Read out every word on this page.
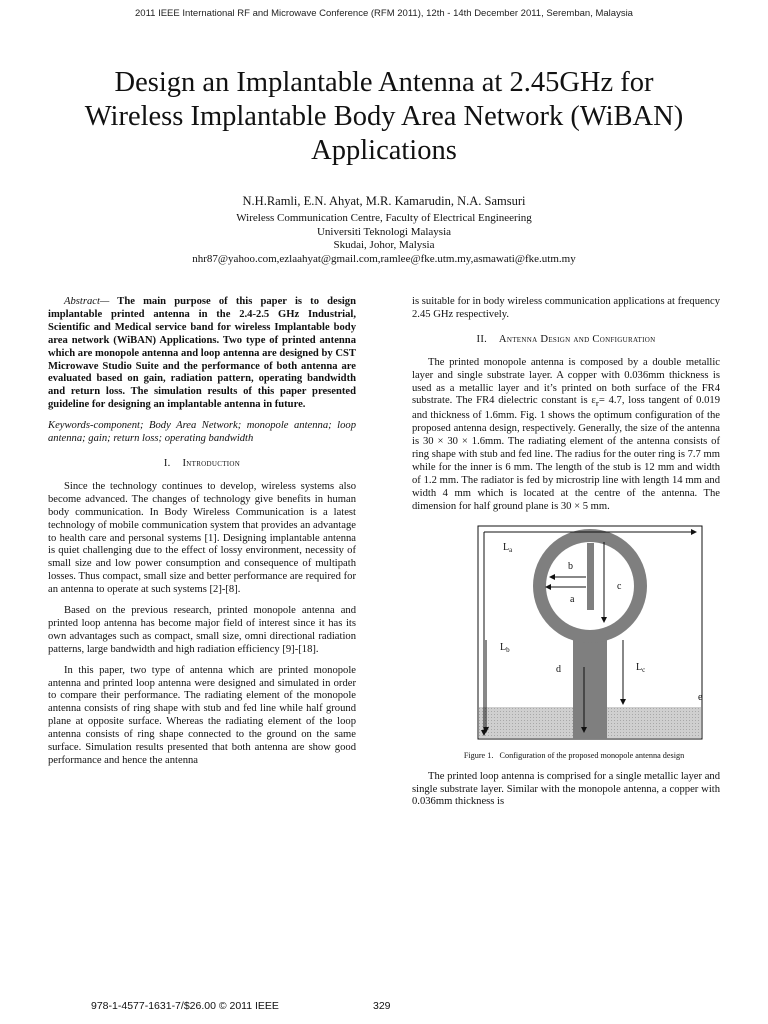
2011 IEEE International RF and Microwave Conference (RFM 2011), 12th - 14th December 2011, Seremban, Malaysia
Design an Implantable Antenna at 2.45GHz for
Wireless Implantable Body Area Network (WiBAN)
Applications
N.H.Ramli, E.N. Ahyat, M.R. Kamarudin, N.A. Samsuri
Wireless Communication Centre, Faculty of Electrical Engineering
Universiti Teknologi Malaysia
Skudai, Johor, Malysia
nhr87@yahoo.com,ezlaahyat@gmail.com,ramlee@fke.utm.my,asmawati@fke.utm.my

Abstract— The main purpose of this paper is to design implantable printed antenna in the 2.4-2.5 GHz Industrial, Scientific and Medical service band for wireless Implantable body area network (WiBAN) Applications. Two type of printed antenna which are monopole antenna and loop antenna are designed by CST Microwave Studio Suite and the performance of both antenna are evaluated based on gain, radiation pattern, operating bandwidth and return loss. The simulation results of this paper presented guideline for designing an implantable antenna in future.

Keywords-component; Body Area Network; monopole antenna; loop antenna; gain; return loss; operating bandwidth

I. Introduction

Since the technology continues to develop, wireless systems also become advanced. The changes of technology give benefits in human body communication. In Body Wireless Communication is a latest technology of mobile communication system that provides an advantage to health care and personal systems [1]. Designing implantable antenna is quiet challenging due to the effect of lossy environment, necessity of small size and low power consumption and consequence of multipath losses. Thus compact, small size and better performance are required for an antenna to operate at such systems [2]-[8].

Based on the previous research, printed monopole antenna and printed loop antenna has become major field of interest since it has its own advantages such as compact, small size, omni directional radiation patterns, large bandwidth and high radiation efficiency [9]-[18].

In this paper, two type of antenna which are printed monopole antenna and printed loop antenna were designed and simulated in order to compare their performance. The radiating element of the monopole antenna consists of ring shape with stub and fed line while half ground plane at opposite surface. Whereas the radiating element of the loop antenna consists of ring shape connected to the ground on the same surface. Simulation results presented that both antenna are show good performance and hence the antenna

is suitable for in body wireless communication applications at frequency 2.45 GHz respectively.

II. Antenna Design and Configuration

The printed monopole antenna is composed by a double metallic layer and single substrate layer. A copper with 0.036mm thickness is used as a metallic layer and it’s printed on both surface of the FR4 substrate. The FR4 dielectric constant is $\varepsilon_r= 4.7$, loss tangent of 0.019 and thickness of 1.6mm. Fig. 1 shows the optimum configuration of the proposed antenna design, respectively. Generally, the size of the antenna is 30 × 30 × 1.6mm. The radiating element of the antenna consists of ring shape with stub and fed line. The radius for the outer ring is 7.7 mm while for the inner is 6 mm. The length of the stub is 12 mm and width of 1.2 mm. The radiator is fed by microstrip line with length 14 mm and width 4 mm which is located at the centre of the antenna. The dimension for half ground plane is 30 × 5 mm.

$L_a$
$L_b$
$L_c$
b
a
c
d
e

Figure 1. Configuration of the proposed monopole antenna design

The printed loop antenna is comprised for a single metallic layer and single substrate layer. Similar with the monopole antenna, a copper with 0.036mm thickness is

978-1-4577-1631-7/$26.00 © 2011 IEEE	329
